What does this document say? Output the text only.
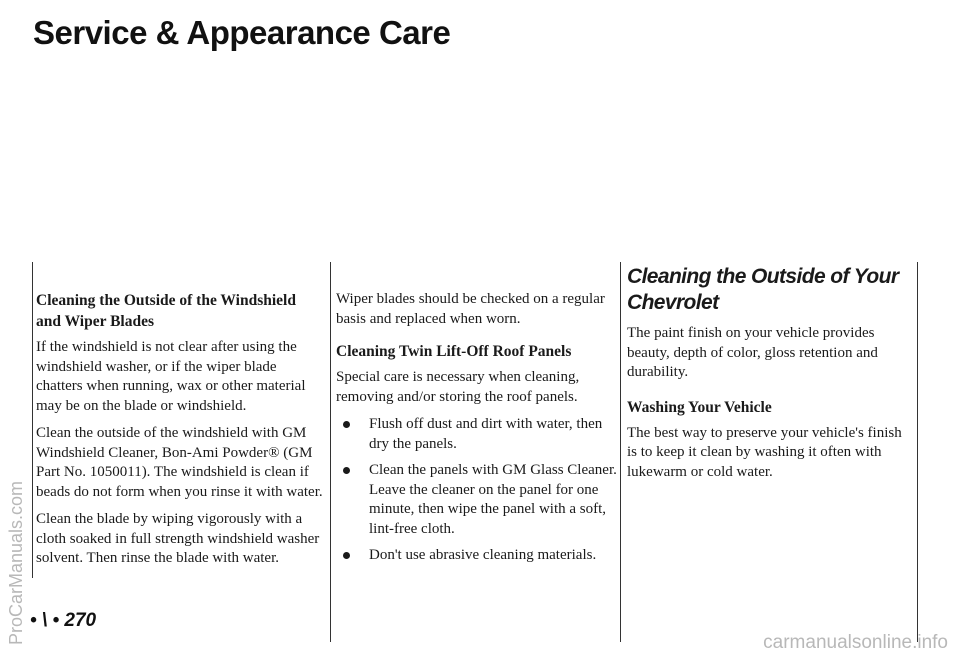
Service & Appearance Care
Cleaning the Outside of the Windshield and Wiper Blades

If the windshield is not clear after using the windshield washer, or if the wiper blade chatters when running, wax or other material may be on the blade or windshield.

Clean the outside of the windshield with GM Windshield Cleaner, Bon-Ami Powder® (GM Part No. 1050011). The windshield is clean if beads do not form when you rinse it with water.

Clean the blade by wiping vigorously with a cloth soaked in full strength windshield washer solvent. Then rinse the blade with water.

Wiper blades should be checked on a regular basis and replaced when worn.

Cleaning Twin Lift-Off Roof Panels

Special care is necessary when cleaning, removing and/or storing the roof panels.

Flush off dust and dirt with water, then dry the panels.
Clean the panels with GM Glass Cleaner. Leave the cleaner on the panel for one minute, then wipe the panel with a soft, lint-free cloth.
Don't use abrasive cleaning materials.
Cleaning the Outside of Your Chevrolet

The paint finish on your vehicle provides beauty, depth of color, gloss retention and durability.

Washing Your Vehicle

The best way to preserve your vehicle's finish is to keep it clean by washing it often with lukewarm or cold water.

• \ • 270
ProCarManuals.com	carmanualsonline.info
